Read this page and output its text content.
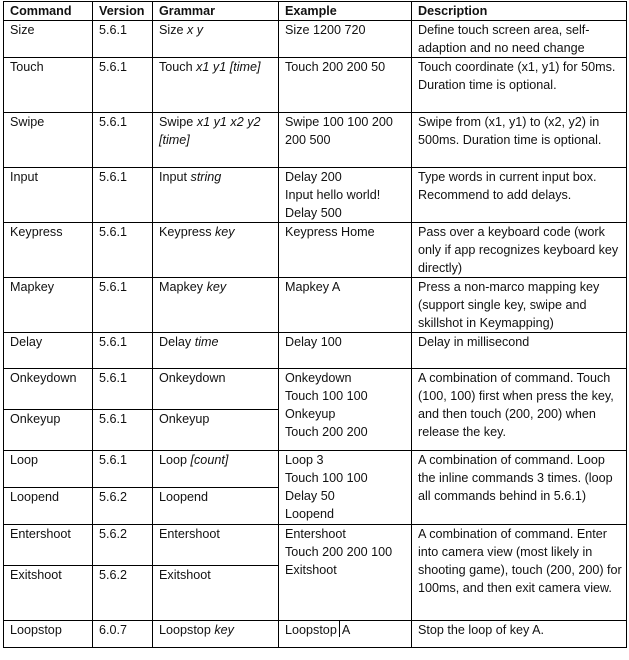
Command	Version	Grammar	Example	Description
Size	5.6.1	Size x y	Size 1200 720	Define touch screen area, self-adaption and no need change
Touch	5.6.1	Touch x1 y1 [time]	Touch 200 200 50	Touch coordinate (x1, y1) for 50ms. Duration time is optional.
Swipe	5.6.1	Swipe x1 y1 x2 y2 [time]	Swipe 100 100 200 200 500	Swipe from (x1, y1) to (x2, y2) in 500ms. Duration time is optional.
Input	5.6.1	Input string	Delay 200
Input hello world!
Delay 500	Type words in current input box. Recommend to add delays.
Keypress	5.6.1	Keypress key	Keypress Home	Pass over a keyboard code (work only if app recognizes keyboard key directly)
Mapkey	5.6.1	Mapkey key	Mapkey A	Press a non-marco mapping key (support single key, swipe and skillshot in Keymapping)
Delay	5.6.1	Delay time	Delay 100	Delay in millisecond
Onkeydown	5.6.1	Onkeydown	Onkeydown
Touch 100 100
Onkeyup
Touch 200 200	A combination of command. Touch (100, 100) first when press the key, and then touch (200, 200) when release the key.
Onkeyup	5.6.1	Onkeyup		
Loop	5.6.1	Loop [count]	Loop 3
Touch 100 100
Delay 50
Loopend	A combination of command. Loop the inline commands 3 times. (loop all commands behind in 5.6.1)
Loopend	5.6.2	Loopend		
Entershoot	5.6.2	Entershoot	Entershoot
Touch 200 200 100
Exitshoot	A combination of command. Enter into camera view (most likely in shooting game), touch (200, 200) for 100ms, and then exit camera view.
Exitshoot	5.6.2	Exitshoot		
Loopstop	6.0.7	Loopstop key	Loopstop A	Stop the loop of key A.
